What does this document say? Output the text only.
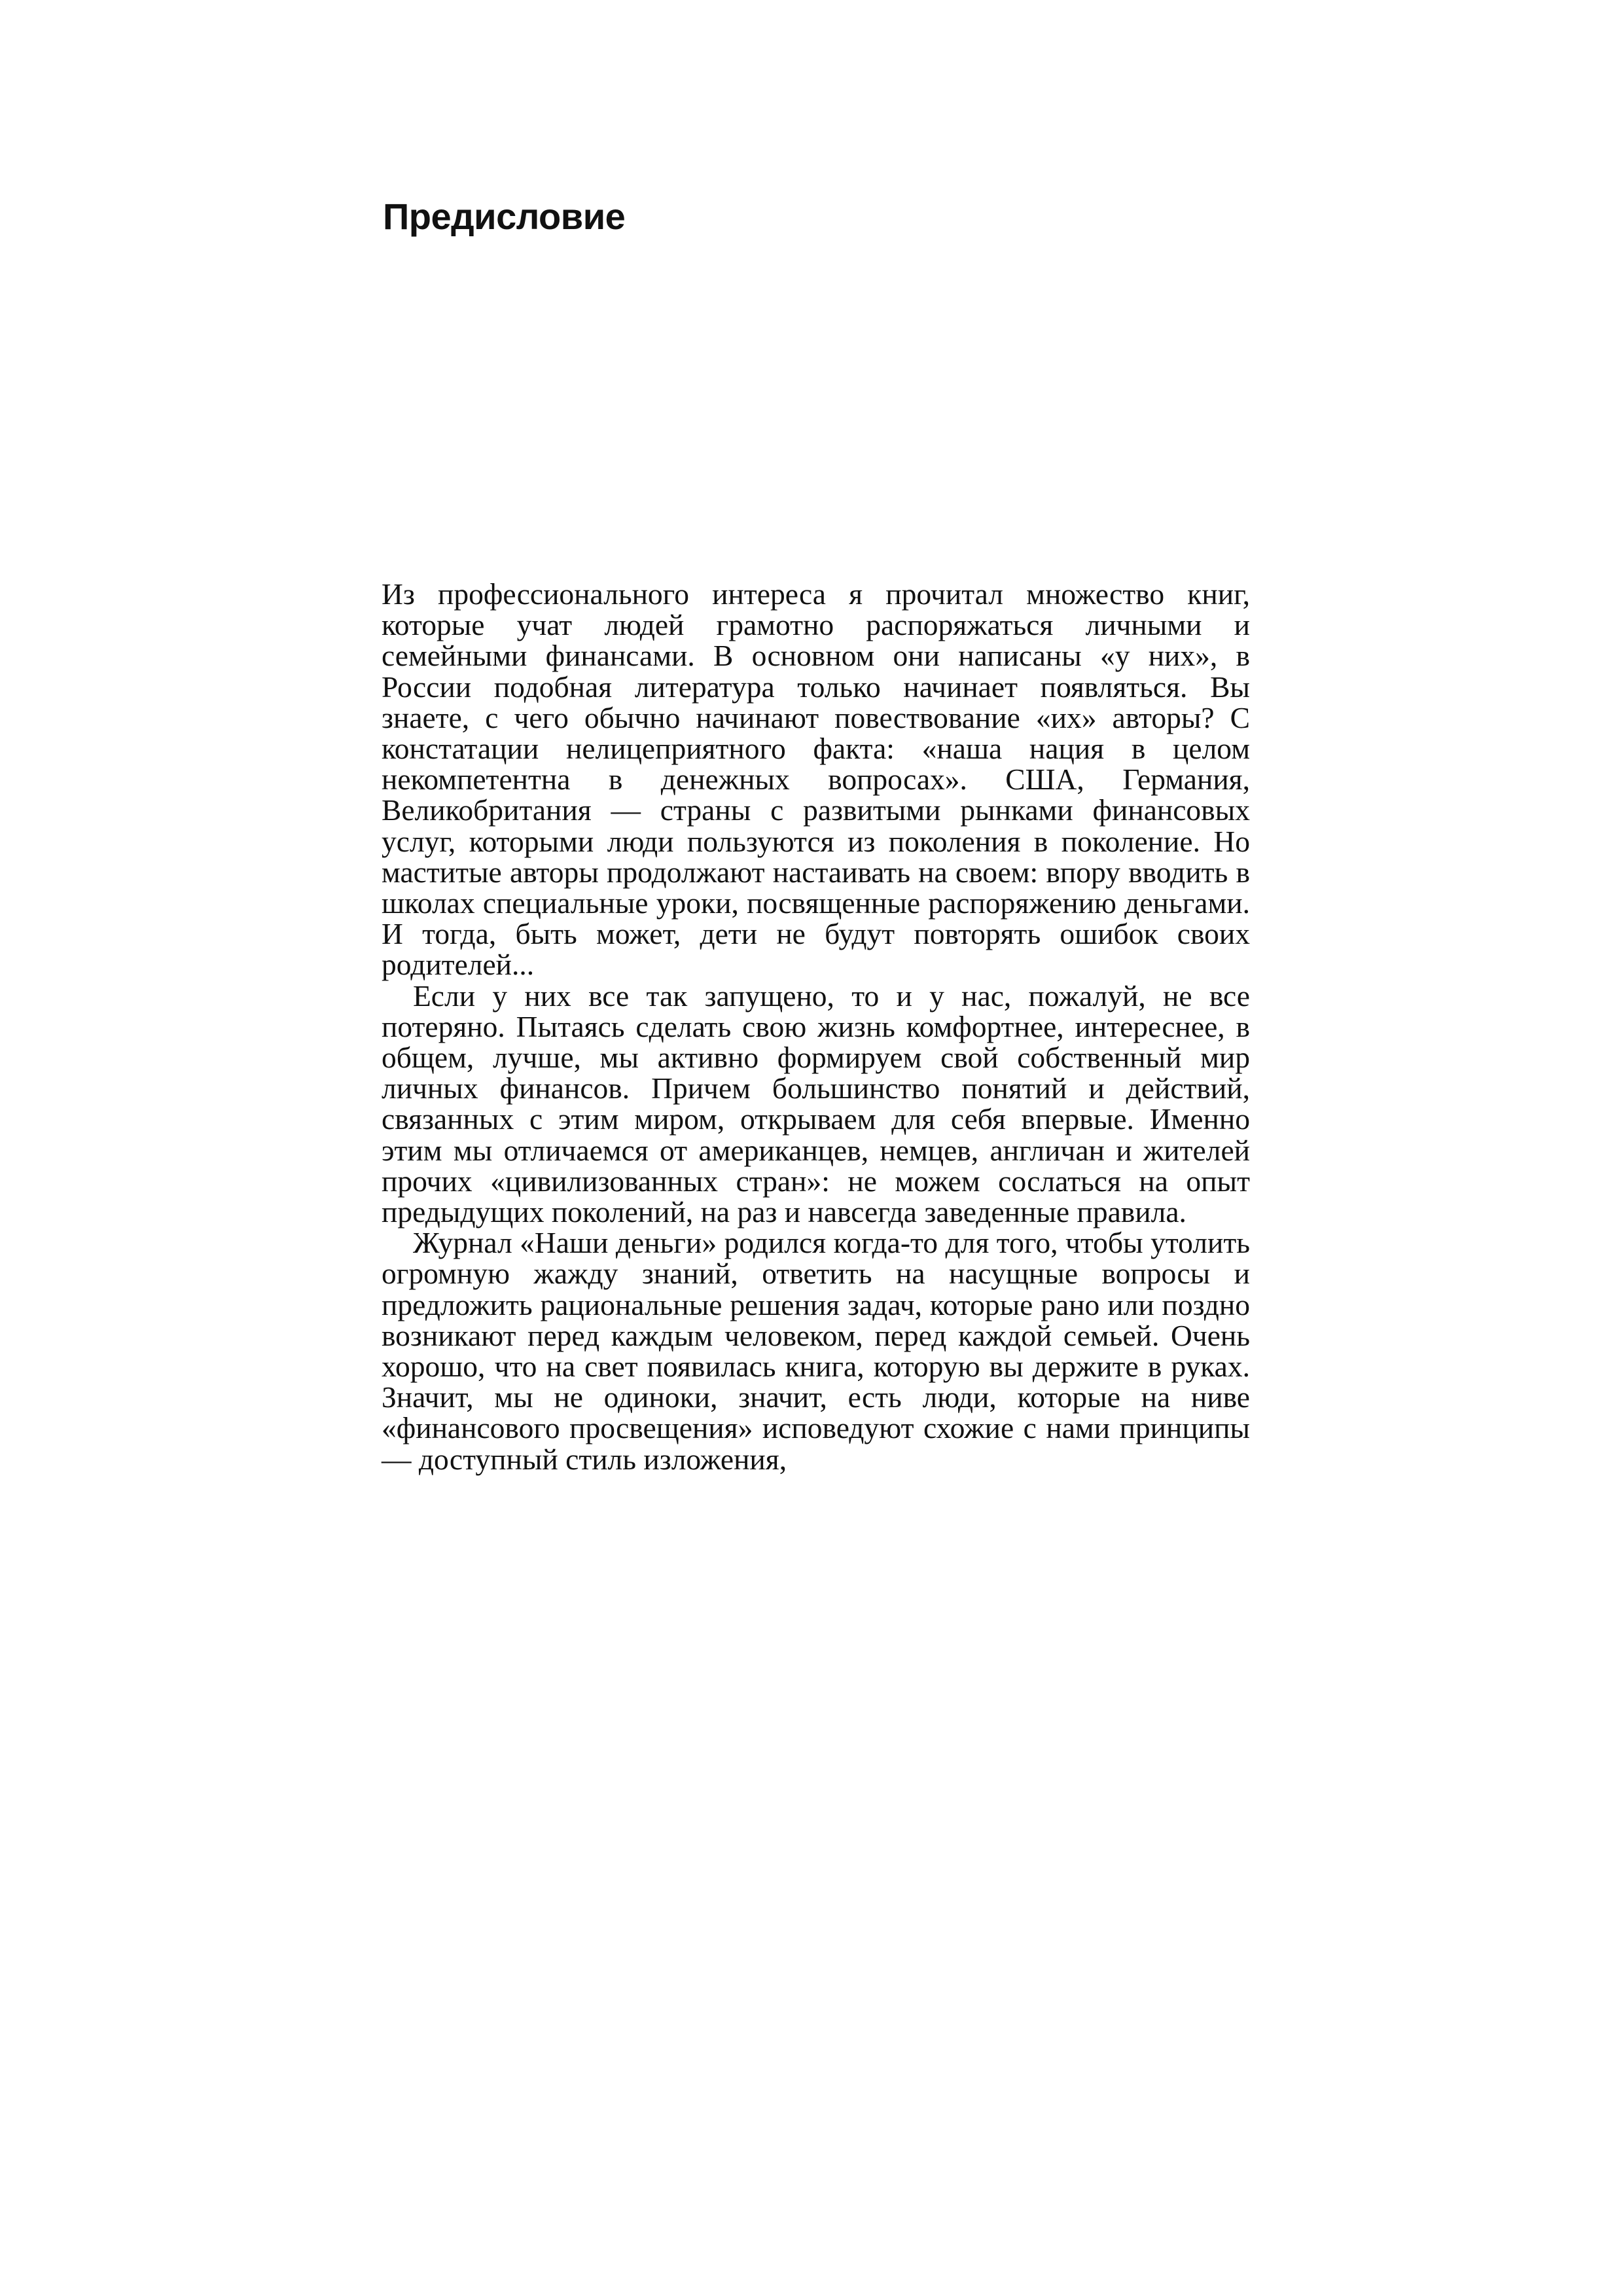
Предисловие

Из профессионального интереса я прочитал множество книг, которые учат людей грамотно распоряжаться личными и семейными финансами. В основном они написаны «у них», в России подобная литература только начинает появляться. Вы знаете, с чего обычно начинают повествование «их» авторы? С констатации нелицеприятного факта: «наша нация в целом некомпетентна в денежных вопросах». США, Германия, Великобритания — страны с развитыми рынками финансовых услуг, которыми люди пользуются из поколения в поколение. Но маститые авторы продолжают настаивать на своем: впору вводить в школах специальные уроки, посвященные распоряжению деньгами. И тогда, быть может, дети не будут повторять ошибок своих родителей...

Если у них все так запущено, то и у нас, пожалуй, не все потеряно. Пытаясь сделать свою жизнь комфортнее, интереснее, в общем, лучше, мы активно формируем свой собственный мир личных финансов. Причем большинство понятий и действий, связанных с этим миром, открываем для себя впервые. Именно этим мы отличаемся от американцев, немцев, англичан и жителей прочих «цивилизованных стран»: не можем сослаться на опыт предыдущих поколений, на раз и навсегда заведенные правила.

Журнал «Наши деньги» родился когда-то для того, чтобы утолить огромную жажду знаний, ответить на насущные вопросы и предложить рациональные решения задач, которые рано или поздно возникают перед каждым человеком, перед каждой семьей. Очень хорошо, что на свет появилась книга, которую вы держите в руках. Значит, мы не одиноки, значит, есть люди, которые на ниве «финансового просвещения» исповедуют схожие с нами принципы — доступный стиль изложения,
